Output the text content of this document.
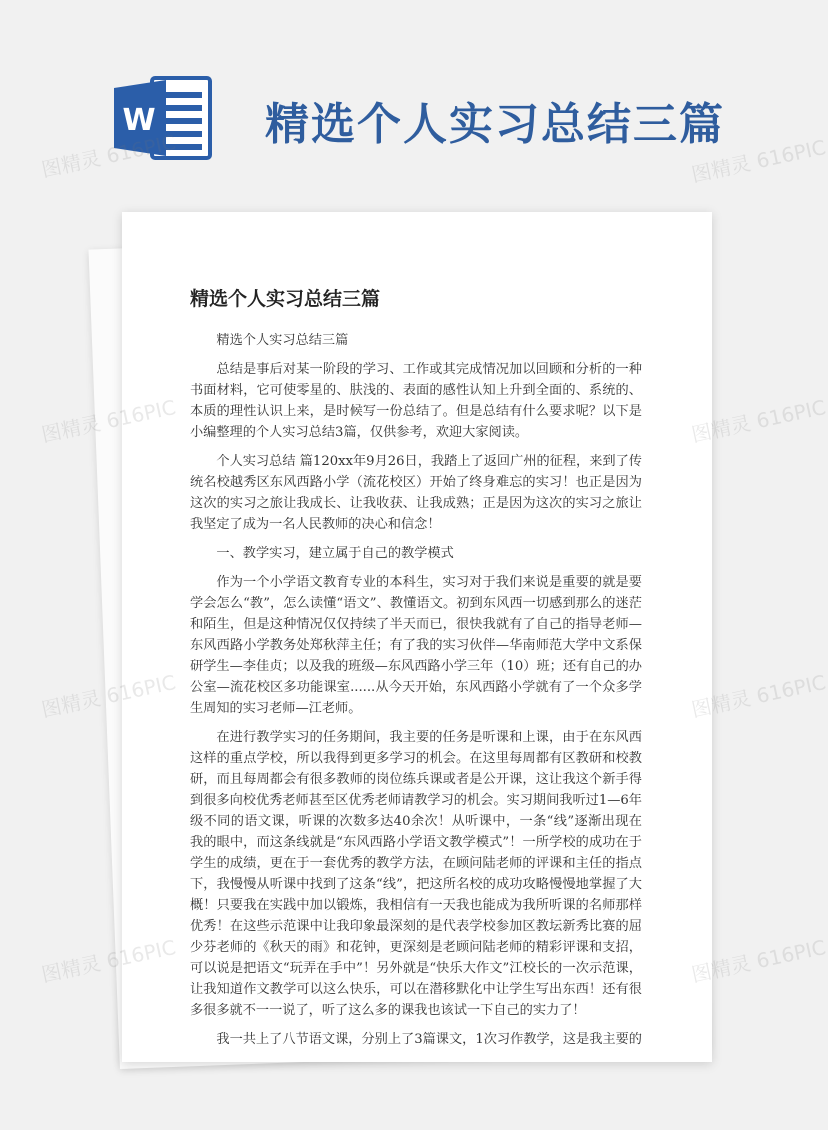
W 精选个人实习总结三篇
精选个人实习总结三篇

精选个人实习总结三篇

总结是事后对某一阶段的学习、工作或其完成情况加以回顾和分析的一种书面材料，它可使零星的、肤浅的、表面的感性认知上升到全面的、系统的、本质的理性认识上来，是时候写一份总结了。但是总结有什么要求呢？以下是小编整理的个人实习总结3篇，仅供参考，欢迎大家阅读。

个人实习总结 篇120xx年9月26日，我踏上了返回广州的征程，来到了传统名校越秀区东风西路小学（流花校区）开始了终身难忘的实习！也正是因为这次的实习之旅让我成长、让我收获、让我成熟；正是因为这次的实习之旅让我坚定了成为一名人民教师的决心和信念！

一、教学实习，建立属于自己的教学模式

作为一个小学语文教育专业的本科生，实习对于我们来说是重要的就是要学会怎么“教”，怎么读懂“语文”、教懂语文。初到东风西一切感到那么的迷茫和陌生，但是这种情况仅仅持续了半天而已，很快我就有了自己的指导老师—东风西路小学教务处郑秋萍主任；有了我的实习伙伴—华南师范大学中文系保研学生—李佳贞；以及我的班级—东风西路小学三年（10）班；还有自己的办公室—流花校区多功能课室......从今天开始，东风西路小学就有了一个众多学生周知的实习老师—江老师。

在进行教学实习的任务期间，我主要的任务是听课和上课，由于在东风西这样的重点学校，所以我得到更多学习的机会。在这里每周都有区教研和校教研，而且每周都会有很多教师的岗位练兵课或者是公开课，这让我这个新手得到很多向校优秀老师甚至区优秀老师请教学习的机会。实习期间我听过1—6年级不同的语文课，听课的次数多达40余次！从听课中，一条“线”逐渐出现在我的眼中，而这条线就是“东风西路小学语文教学模式”！一所学校的成功在于学生的成绩，更在于一套优秀的教学方法，在顾问陆老师的评课和主任的指点下，我慢慢从听课中找到了这条“线”，把这所名校的成功攻略慢慢地掌握了大概！只要我在实践中加以锻炼，我相信有一天我也能成为我所听课的名师那样优秀！在这些示范课中让我印象最深刻的是代表学校参加区教坛新秀比赛的屈少芬老师的《秋天的雨》和花钟，更深刻是老顾问陆老师的精彩评课和支招，可以说是把语文“玩弄在手中”！另外就是“快乐大作文”江校长的一次示范课，让我知道作文教学可以这么快乐，可以在潜移默化中让学生写出东西！还有很多很多就不一一说了，听了这么多的课我也该试一下自己的实力了！

我一共上了八节语文课，分别上了3篇课文，1次习作教学，这是我主要的

图精灵 616PIC	图精灵 616PIC
图精灵	图精灵 616PIC
图精灵	图精灵 616PIC
图精灵 616PIC	图精灵 616PIC
